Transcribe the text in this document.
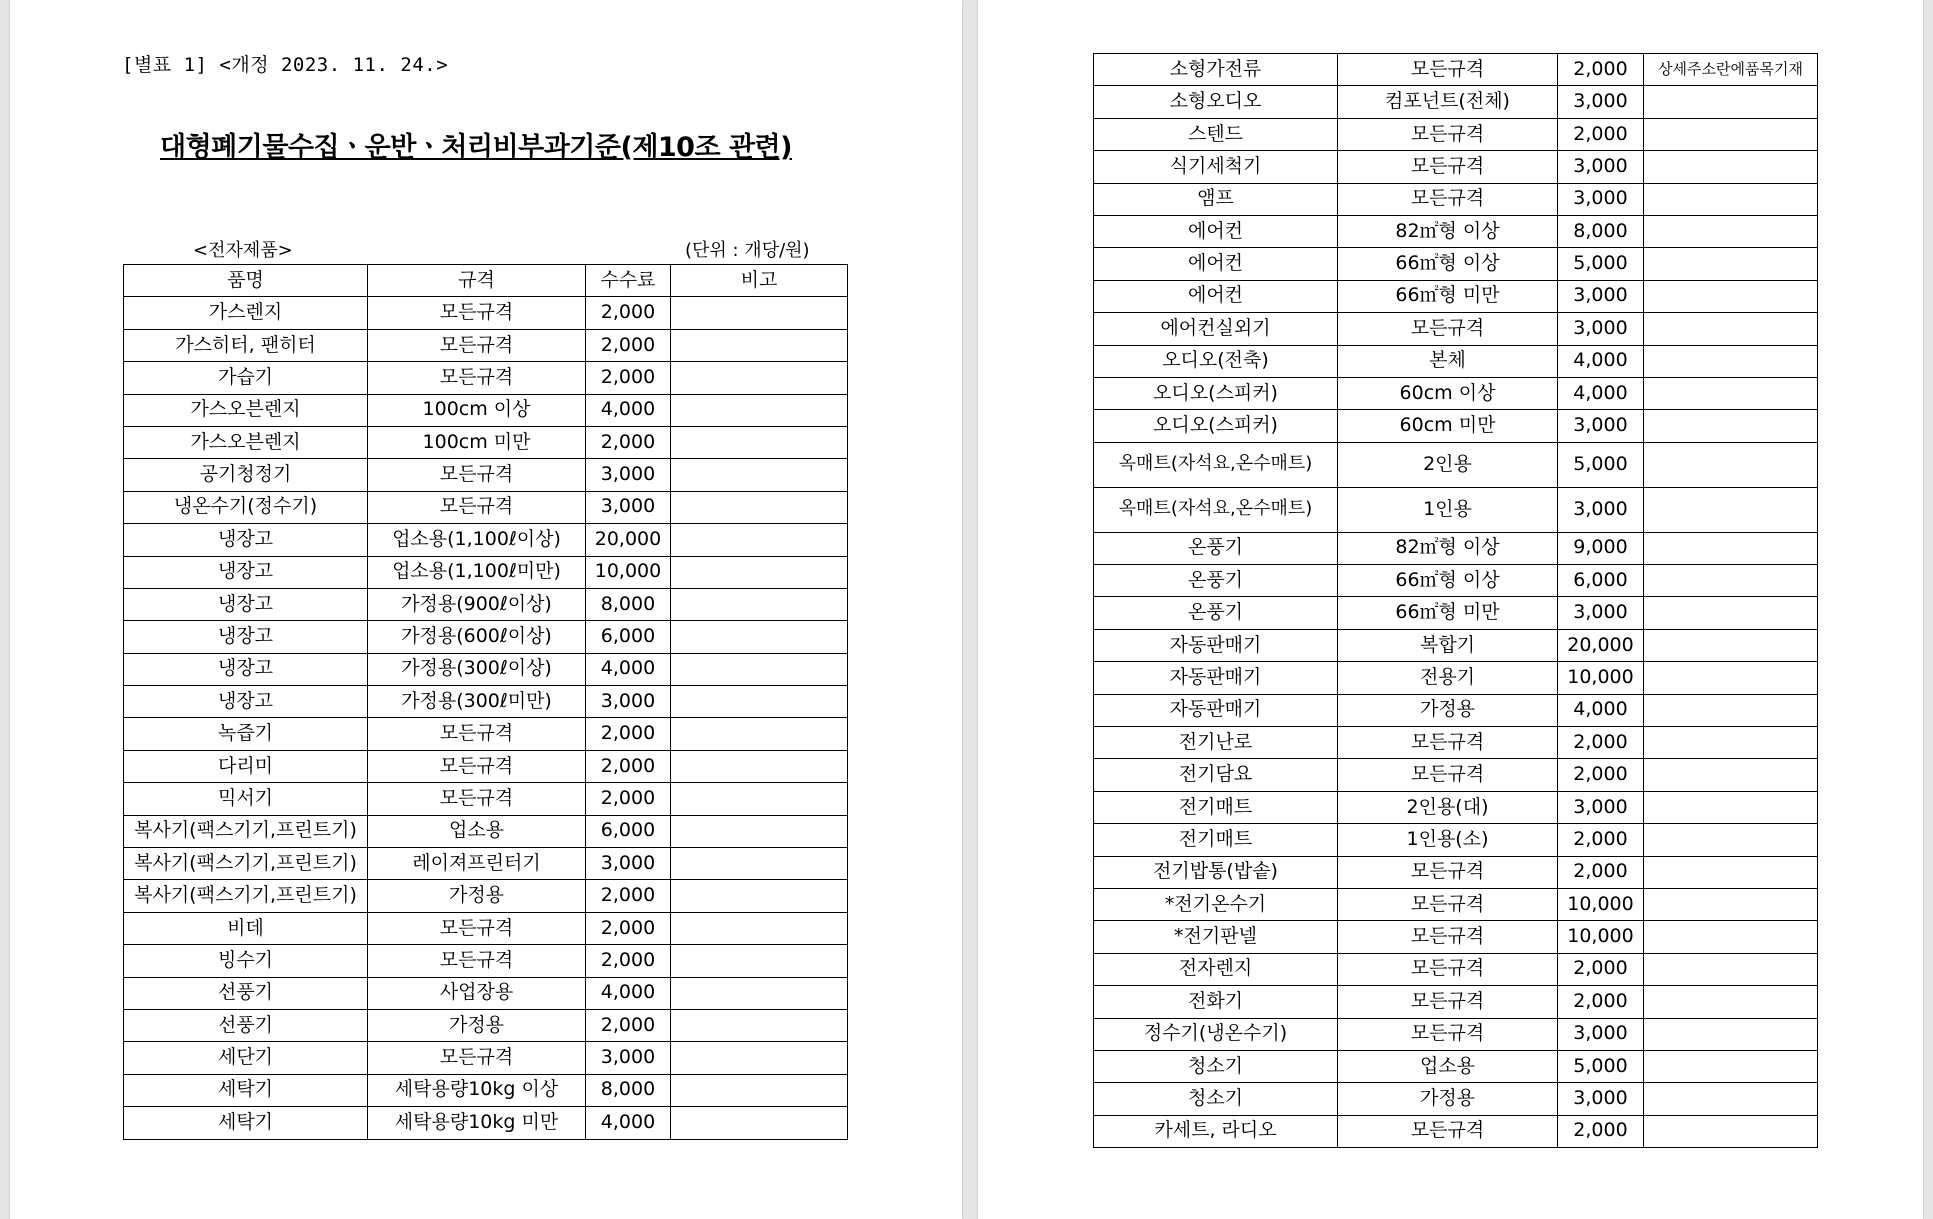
[별표 1] <개정 2023. 11. 24.>
대형폐기물수집ㆍ운반ㆍ처리비부과기준(제10조 관련)
<전자제품>	(단위 : 개당/원)
품명	규격	수수료	비고
가스렌지	모든규격	2,000	
가스히터, 팬히터	모든규격	2,000	
가습기	모든규격	2,000	
가스오븐렌지	100cm 이상	4,000	
가스오븐렌지	100cm 미만	2,000	
공기청정기	모든규격	3,000	
냉온수기(정수기)	모든규격	3,000	
냉장고	업소용(1,100ℓ이상)	20,000	
냉장고	업소용(1,100ℓ미만)	10,000	
냉장고	가정용(900ℓ이상)	8,000	
냉장고	가정용(600ℓ이상)	6,000	
냉장고	가정용(300ℓ이상)	4,000	
냉장고	가정용(300ℓ미만)	3,000	
녹즙기	모든규격	2,000	
다리미	모든규격	2,000	
믹서기	모든규격	2,000	
복사기(팩스기기,프린트기)	업소용	6,000	
복사기(팩스기기,프린트기)	레이져프린터기	3,000	
복사기(팩스기기,프린트기)	가정용	2,000	
비데	모든규격	2,000	
빙수기	모든규격	2,000	
선풍기	사업장용	4,000	
선풍기	가정용	2,000	
세단기	모든규격	3,000	
세탁기	세탁용량10kg 이상	8,000	
세탁기	세탁용량10kg 미만	4,000	
소형가전류	모든규격	2,000	상세주소란에품목기재
소형오디오	컴포넌트(전체)	3,000	
스텐드	모든규격	2,000	
식기세척기	모든규격	3,000	
앰프	모든규격	3,000	
에어컨	82㎡형 이상	8,000	
에어컨	66㎡형 이상	5,000	
에어컨	66㎡형 미만	3,000	
에어컨실외기	모든규격	3,000	
오디오(전축)	본체	4,000	
오디오(스피커)	60cm 이상	4,000	
오디오(스피커)	60cm 미만	3,000	
옥매트(자석요,온수매트)	2인용	5,000	
옥매트(자석요,온수매트)	1인용	3,000	
온풍기	82㎡형 이상	9,000	
온풍기	66㎡형 이상	6,000	
온풍기	66㎡형 미만	3,000	
자동판매기	복합기	20,000	
자동판매기	전용기	10,000	
자동판매기	가정용	4,000	
전기난로	모든규격	2,000	
전기담요	모든규격	2,000	
전기매트	2인용(대)	3,000	
전기매트	1인용(소)	2,000	
전기밥통(밥솥)	모든규격	2,000	
*전기온수기	모든규격	10,000	
*전기판넬	모든규격	10,000	
전자렌지	모든규격	2,000	
전화기	모든규격	2,000	
정수기(냉온수기)	모든규격	3,000	
청소기	업소용	5,000	
청소기	가정용	3,000	
카세트, 라디오	모든규격	2,000	
